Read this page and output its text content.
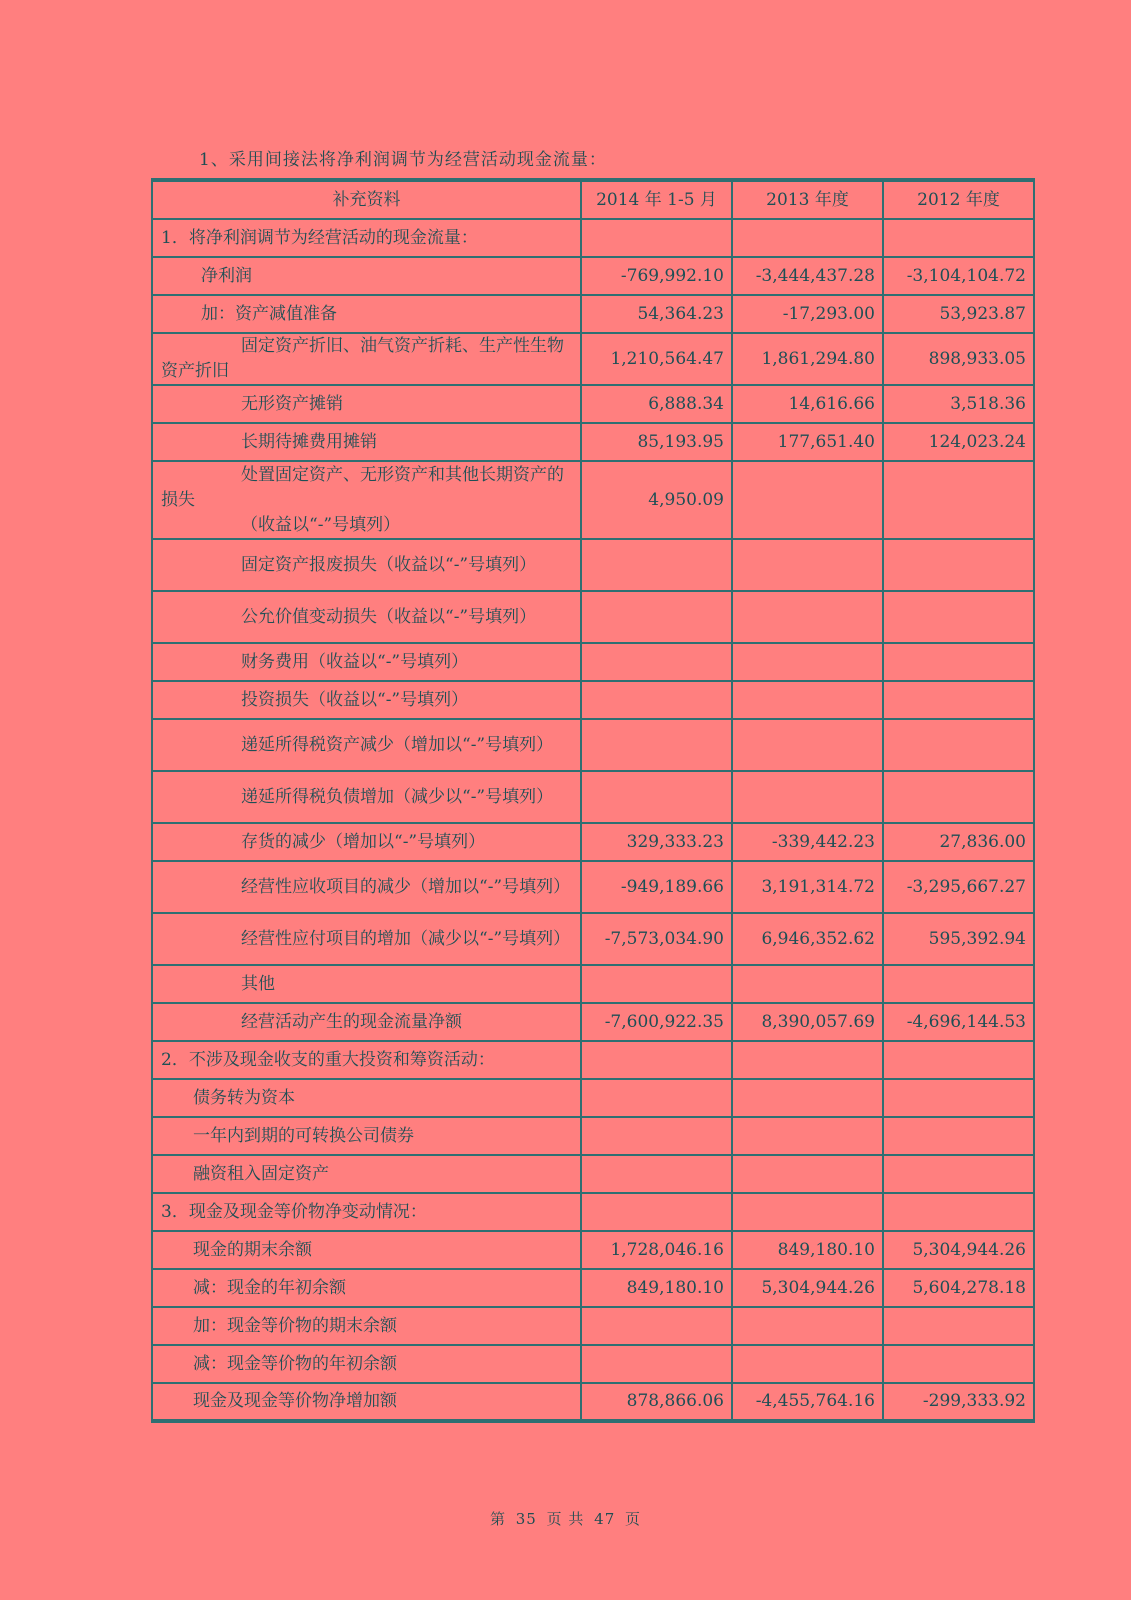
1、采用间接法将净利润调节为经营活动现金流量：
补充资料	2014 年 1-5 月	2013 年度	2012 年度
1．将净利润调节为经营活动的现金流量：			
净利润	-769,992.10	-3,444,437.28	-3,104,104.72
加：资产减值准备	54,364.23	-17,293.00	53,923.87
固定资产折旧、油气资产折耗、生产性生物资产折旧	1,210,564.47	1,861,294.80	898,933.05
无形资产摊销	6,888.34	14,616.66	3,518.36
长期待摊费用摊销	85,193.95	177,651.40	124,023.24

处置固定资产、无形资产和其他长期资产的损失
（收益以“-”号填列）	4,950.09		
固定资产报废损失（收益以“-”号填列）			
公允价值变动损失（收益以“-”号填列）			
财务费用（收益以“-”号填列）			
投资损失（收益以“-”号填列）			
递延所得税资产减少（增加以“-”号填列）			
递延所得税负债增加（减少以“-”号填列）			
存货的减少（增加以“-”号填列）	329,333.23	-339,442.23	27,836.00
经营性应收项目的减少（增加以“-”号填列）	-949,189.66	3,191,314.72	-3,295,667.27
经营性应付项目的增加（减少以“-”号填列）	-7,573,034.90	6,946,352.62	595,392.94
其他			
经营活动产生的现金流量净额	-7,600,922.35	8,390,057.69	-4,696,144.53
2．不涉及现金收支的重大投资和筹资活动：			
债务转为资本			
一年内到期的可转换公司债券			
融资租入固定资产			
3．现金及现金等价物净变动情况：			
现金的期末余额	1,728,046.16	849,180.10	5,304,944.26
减：现金的年初余额	849,180.10	5,304,944.26	5,604,278.18
加：现金等价物的期末余额			
减：现金等价物的年初余额			
现金及现金等价物净增加额	878,866.06	-4,455,764.16	-299,333.92
第 35 页 共 47 页
